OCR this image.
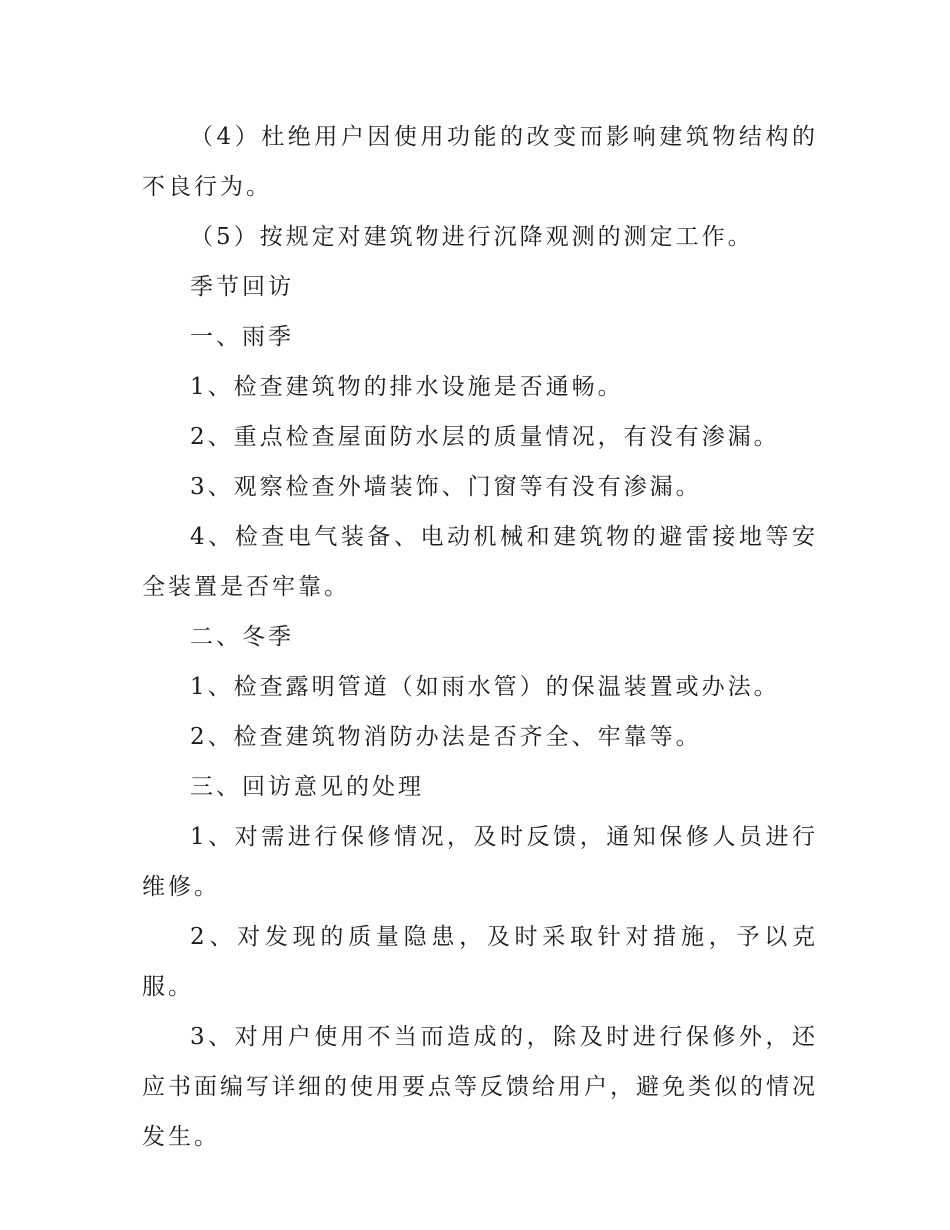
（4）杜绝用户因使用功能的改变而影响建筑物结构的不良行为。

（5）按规定对建筑物进行沉降观测的测定工作。

季节回访

一、雨季

1、检查建筑物的排水设施是否通畅。

2、重点检查屋面防水层的质量情况，有没有渗漏。

3、观察检查外墙装饰、门窗等有没有渗漏。

4、检查电气装备、电动机械和建筑物的避雷接地等安全装置是否牢靠。

二、冬季

1、检查露明管道（如雨水管）的保温装置或办法。

2、检查建筑物消防办法是否齐全、牢靠等。

三、回访意见的处理

1、对需进行保修情况，及时反馈，通知保修人员进行维修。

2、对发现的质量隐患，及时采取针对措施，予以克服。

3、对用户使用不当而造成的，除及时进行保修外，还应书面编写详细的使用要点等反馈给用户，避免类似的情况发生。
